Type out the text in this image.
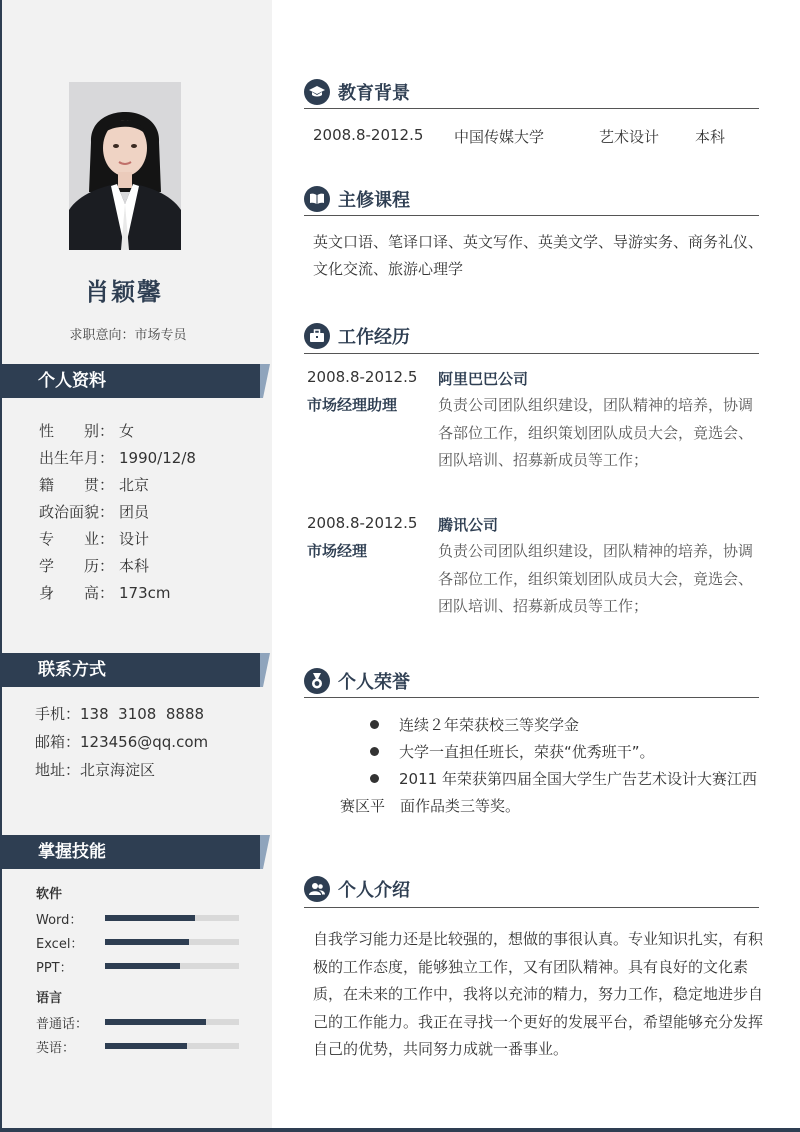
肖颖馨
求职意向：市场专员
个人资料
性　　别： 女
出生年月： 1990/12/8
籍　　贯： 北京
政治面貌： 团员
专　　业： 设计
学　　历： 本科
身　　高： 173cm
联系方式
手机：138  3108  8888
邮箱：123456@qq.com
地址：北京海淀区
掌握技能
软件
Word：
Excel：
PPT：
语言
普通话：
英语：
教育背景
2008.8-2012.5 中国传媒大学	艺术设计 本科
主修课程
英文口语、笔译口译、英文写作、英美文学、导游实务、商务礼仪、文化交流、旅游心理学
工作经历
2008.8-2012.5
市场经理助理
阿里巴巴公司
负责公司团队组织建设，团队精神的培养，协调各部位工作，组织策划团队成员大会，竟选会、团队培训、招募新成员等工作；
2008.8-2012.5
市场经理
腾讯公司
负责公司团队组织建设，团队精神的培养，协调各部位工作，组织策划团队成员大会，竟选会、团队培训、招募新成员等工作；
个人荣誉
连续２年荣获校三等奖学金
大学一直担任班长，荣获“优秀班干”。
2011 年荣获第四届全国大学生广告艺术设计大赛江西赛区平　面作品类三等奖。
个人介绍
自我学习能力还是比较强的，想做的事很认真。专业知识扎实，有积极的工作态度，能够独立工作，又有团队精神。具有良好的文化素质，在未来的工作中，我将以充沛的精力，努力工作，稳定地进步自己的工作能力。我正在寻找一个更好的发展平台，希望能够充分发挥自己的优势，共同努力成就一番事业。
